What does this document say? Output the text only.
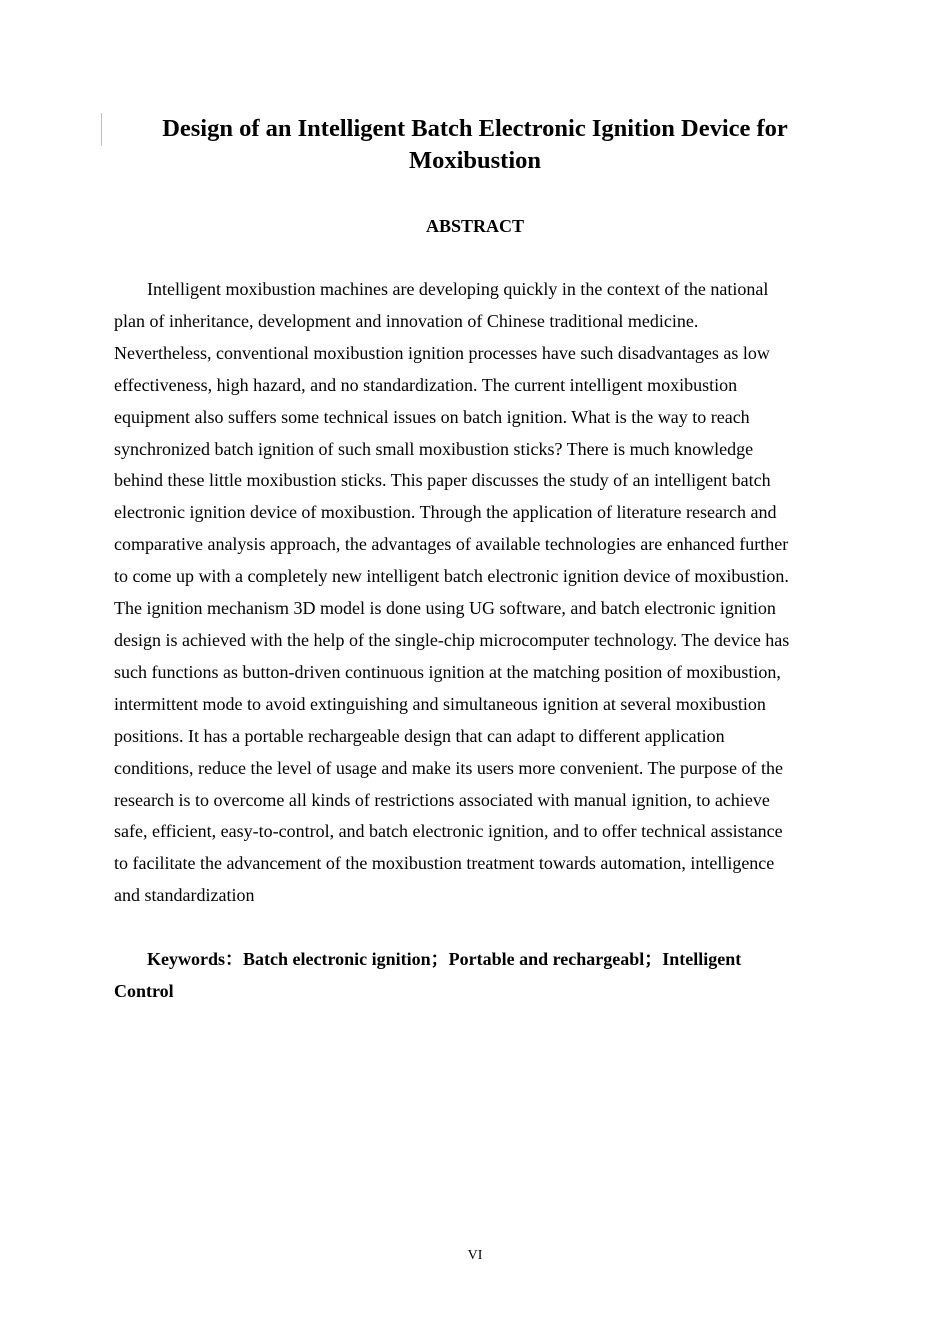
Design of an Intelligent Batch Electronic Ignition Device for
Moxibustion
ABSTRACT

Intelligent moxibustion machines are developing quickly in the context of the national
plan of inheritance, development and innovation of Chinese traditional medicine.
Nevertheless, conventional moxibustion ignition processes have such disadvantages as low
effectiveness, high hazard, and no standardization. The current intelligent moxibustion
equipment also suffers some technical issues on batch ignition. What is the way to reach
synchronized batch ignition of such small moxibustion sticks? There is much knowledge
behind these little moxibustion sticks. This paper discusses the study of an intelligent batch
electronic ignition device of moxibustion. Through the application of literature research and
comparative analysis approach, the advantages of available technologies are enhanced further
to come up with a completely new intelligent batch electronic ignition device of moxibustion.
The ignition mechanism 3D model is done using UG software, and batch electronic ignition
design is achieved with the help of the single-chip microcomputer technology. The device has
such functions as button-driven continuous ignition at the matching position of moxibustion,
intermittent mode to avoid extinguishing and simultaneous ignition at several moxibustion
positions. It has a portable rechargeable design that can adapt to different application
conditions, reduce the level of usage and make its users more convenient. The purpose of the
research is to overcome all kinds of restrictions associated with manual ignition, to achieve
safe, efficient, easy-to-control, and batch electronic ignition, and to offer technical assistance
to facilitate the advancement of the moxibustion treatment towards automation, intelligence
and standardization

Keywords：Batch electronic ignition；Portable and rechargeabl；Intelligent
Control

VI
